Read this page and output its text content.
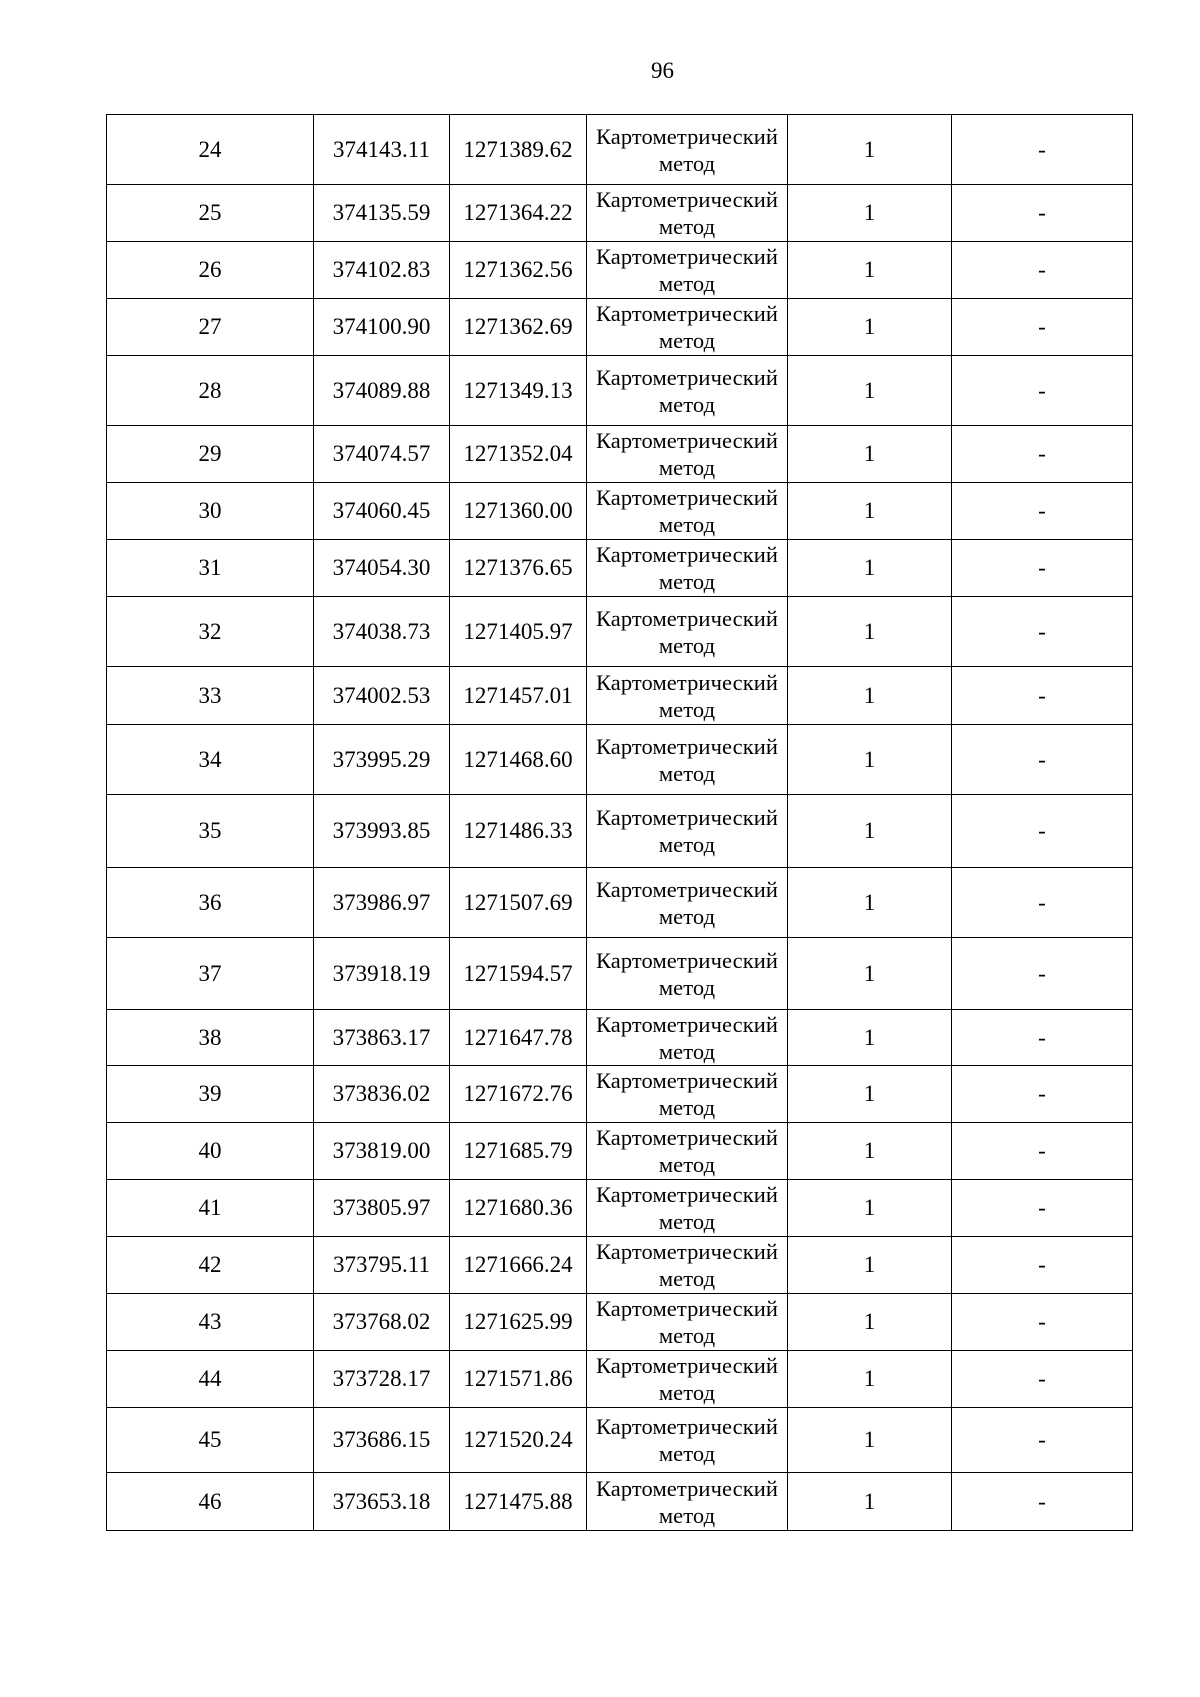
96
24	374143.11	1271389.62	Картометрический метод	1	-
25	374135.59	1271364.22	Картометрический метод	1	-
26	374102.83	1271362.56	Картометрический метод	1	-
27	374100.90	1271362.69	Картометрический метод	1	-
28	374089.88	1271349.13	Картометрический метод	1	-
29	374074.57	1271352.04	Картометрический метод	1	-
30	374060.45	1271360.00	Картометрический метод	1	-
31	374054.30	1271376.65	Картометрический метод	1	-
32	374038.73	1271405.97	Картометрический метод	1	-
33	374002.53	1271457.01	Картометрический метод	1	-
34	373995.29	1271468.60	Картометрический метод	1	-
35	373993.85	1271486.33	Картометрический метод	1	-
36	373986.97	1271507.69	Картометрический метод	1	-
37	373918.19	1271594.57	Картометрический метод	1	-
38	373863.17	1271647.78	Картометрический метод	1	-
39	373836.02	1271672.76	Картометрический метод	1	-
40	373819.00	1271685.79	Картометрический метод	1	-
41	373805.97	1271680.36	Картометрический метод	1	-
42	373795.11	1271666.24	Картометрический метод	1	-
43	373768.02	1271625.99	Картометрический метод	1	-
44	373728.17	1271571.86	Картометрический метод	1	-
45	373686.15	1271520.24	Картометрический метод	1	-
46	373653.18	1271475.88	Картометрический метод	1	-
